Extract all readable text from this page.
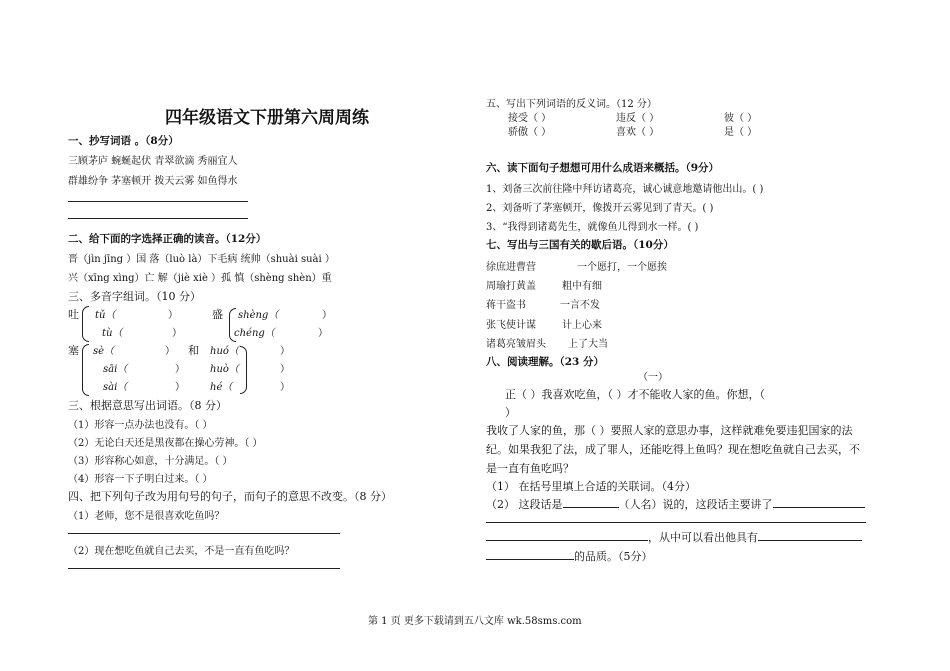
四年级语文下册第六周周练
一、抄写词语 。（8分）
三顾茅庐 蜿蜒起伏 青翠欲滴 秀丽宜人
群雄纷争 茅塞顿开 拨天云雾 如鱼得水
二、给下面的字选择正确的读音。（12分）
晋（jìn jīng ）国 落（luò là）下毛病 统帅（shuài suài ）
兴（xīng xìng）亡 解（jiè xiè ）孤 慎（shèng shèn）重
三、多音字组词。（10 分）
吐 tǔ（	）
tù（	）
盛 shèng（	）
chéng（	）
塞 sè（	）
sāi（	）
sài（	）
和 huó（	）
huò（	）
hé（	）
三、根据意思写出词语。（8 分）
（1）形容一点办法也没有。（ ）
（2）无论白天还是黑夜都在操心劳神。（ ）
（3）形容称心如意，十分满足。（ ）
（4）形容一下子明白过来。（ ）
四、把下列句子改为用句号的句子，而句子的意思不改变。（8 分）
（1）老师，您不是很喜欢吃鱼吗？
（2）现在想吃鱼就自己去买，不是一直有鱼吃吗？
五、写出下列词语的反义词。（12 分）
接受（ ）	违反（ ）	彼（ ）
骄傲（ ）	喜欢（ ）	是（ ）
六、读下面句子想想可用什么成语来概括。（9分）
1、刘备三次前往隆中拜访诸葛亮，诚心诚意地邀请他出山。( )
2、刘备听了茅塞顿开，像拨开云雾见到了青天。( )
3、“我得到诸葛先生，就像鱼儿得到水一样。( )
七、写出与三国有关的歇后语。（10分）
徐庶进曹营	一个愿打，一个愿挨
周瑜打黄盖	粗中有细
蒋干盗书	一言不发
张飞使计谋	计上心来
诸葛亮皱眉头 上了大当
八、阅读理解。（23 分）
（一）
正（ ）我喜欢吃鱼，（ ）才不能收人家的鱼。你想，（
）
我收了人家的鱼，那（ ）要照人家的意思办事，这样就难免要违犯国家的法
纪。如果我犯了法，成了罪人，还能吃得上鱼吗？现在想吃鱼就自己去买，不
是一直有鱼吃吗？
（1） 在括号里填上合适的关联词。（4分）
（2） 这段话是	（人名）说的，这段话主要讲了
，从中可以看出他具有
的品质。（5分）
第 1 页 更多下载请到五八文库 wk.58sms.com
